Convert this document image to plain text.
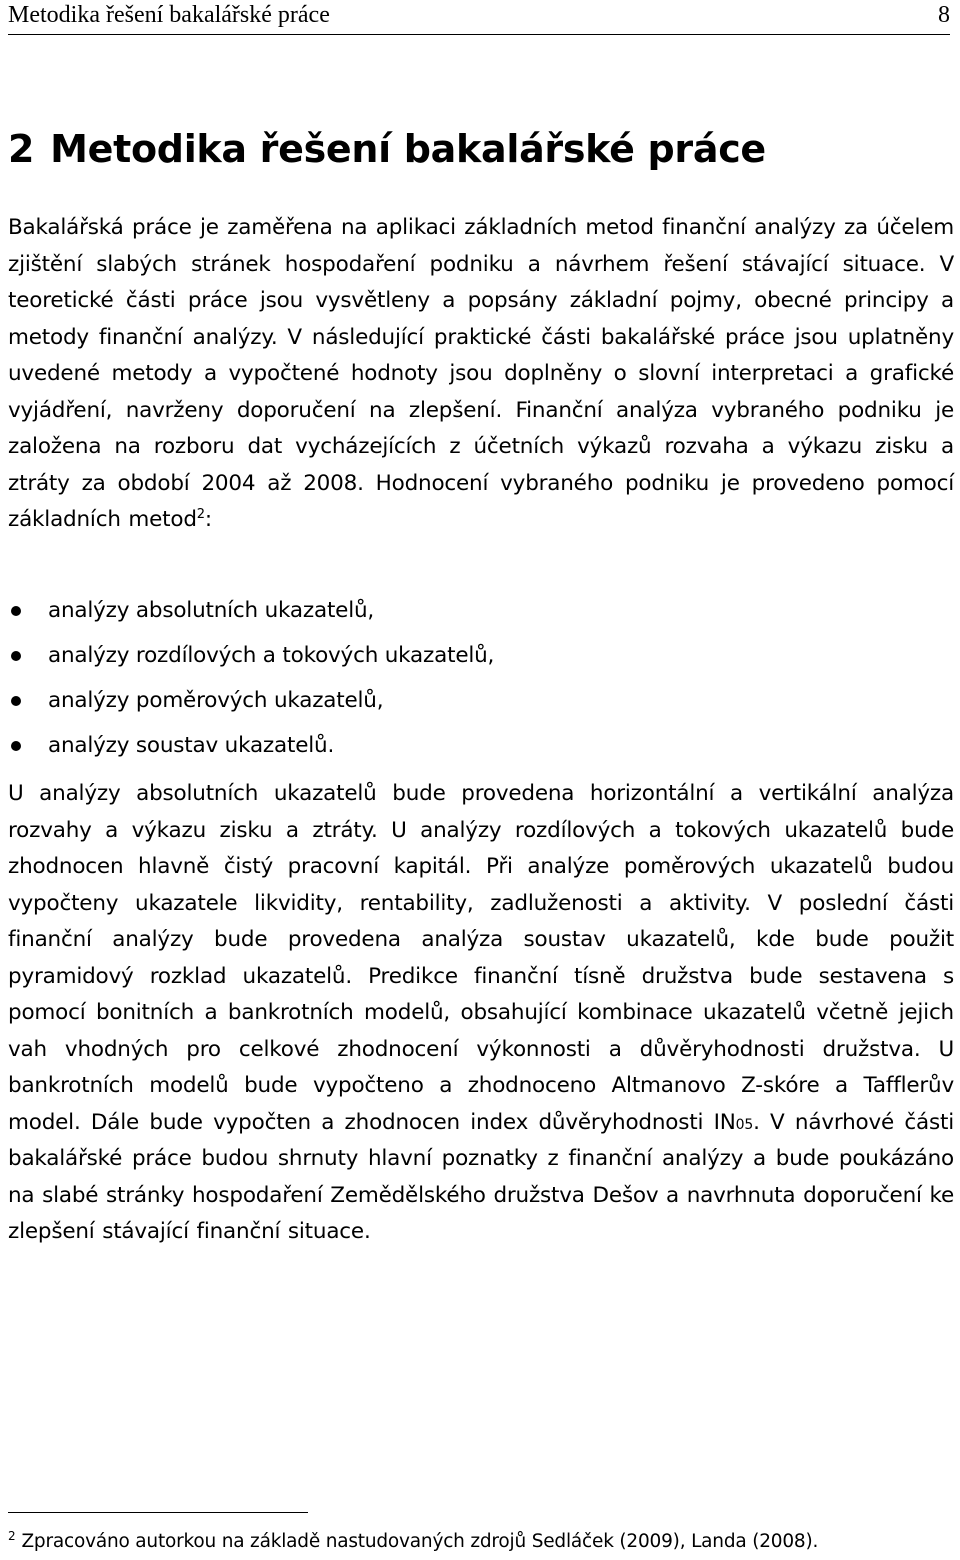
Metodika řešení bakalářské práce	8
2 Metodika řešení bakalářské práce

Bakalářská práce je zaměřena na aplikaci základních metod finanční analýzy za účelem zjištění slabých stránek hospodaření podniku a návrhem řešení stávající situace. V teoretické části práce jsou vysvětleny a popsány základní pojmy, obecné principy a metody finanční analýzy. V následující praktické části bakalářské práce jsou uplatněny uvedené metody a vypočtené hodnoty jsou doplněny o slovní interpretaci a grafické vyjádření, navrženy doporučení na zlepšení. Finanční analýza vybraného podniku je založena na rozboru dat vycházejících z účetních výkazů rozvaha a výkazu zisku a ztráty za období 2004 až 2008. Hodnocení vybraného podniku je provedeno pomocí základních metod$^2$:

analýzy absolutních ukazatelů,
analýzy rozdílových a tokových ukazatelů,
analýzy poměrových ukazatelů,
analýzy soustav ukazatelů.

U analýzy absolutních ukazatelů bude provedena horizontální a vertikální analýza rozvahy a výkazu zisku a ztráty. U analýzy rozdílových a tokových ukazatelů bude zhodnocen hlavně čistý pracovní kapitál. Při analýze poměrových ukazatelů budou vypočteny ukazatele likvidity, rentability, zadluženosti a aktivity. V poslední části finanční analýzy bude provedena analýza soustav ukazatelů, kde bude použit pyramidový rozklad ukazatelů. Predikce finanční tísně družstva bude sestavena s pomocí bonitních a bankrotních modelů, obsahující kombinace ukazatelů včetně jejich vah vhodných pro celkové zhodnocení výkonnosti a důvěryhodnosti družstva. U bankrotních modelů bude vypočteno a zhodnoceno Altmanovo Z-skóre a Tafflerův model. Dále bude vypočten a zhodnocen index důvěryhodnosti IN05. V návrhové části bakalářské práce budou shrnuty hlavní poznatky z finanční analýzy a bude poukázáno na slabé stránky hospodaření Zemědělského družstva Dešov a navrhnuta doporučení ke zlepšení stávající finanční situace.

$^2$ Zpracováno autorkou na základě nastudovaných zdrojů Sedláček (2009), Landa (2008).
